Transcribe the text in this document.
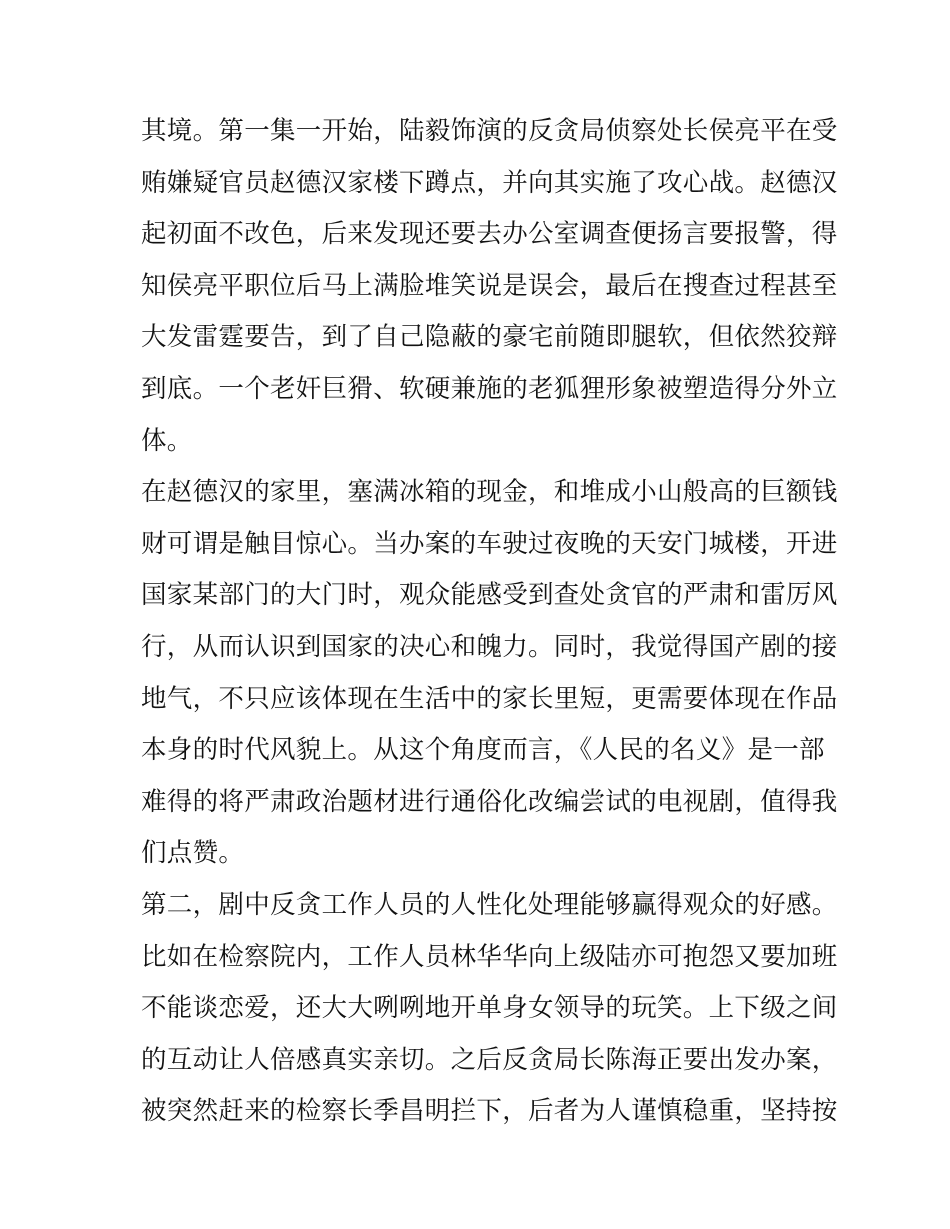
其境。第一集一开始，陆毅饰演的反贪局侦察处长侯亮平在受
贿嫌疑官员赵德汉家楼下蹲点，并向其实施了攻心战。赵德汉
起初面不改色，后来发现还要去办公室调查便扬言要报警，得
知侯亮平职位后马上满脸堆笑说是误会，最后在搜查过程甚至
大发雷霆要告，到了自己隐蔽的豪宅前随即腿软，但依然狡辩
到底。一个老奸巨猾、软硬兼施的老狐狸形象被塑造得分外立
体。
在赵德汉的家里，塞满冰箱的现金，和堆成小山般高的巨额钱
财可谓是触目惊心。当办案的车驶过夜晚的天安门城楼，开进
国家某部门的大门时，观众能感受到查处贪官的严肃和雷厉风
行，从而认识到国家的决心和魄力。同时，我觉得国产剧的接
地气，不只应该体现在生活中的家长里短，更需要体现在作品
本身的时代风貌上。从这个角度而言，《人民的名义》是一部
难得的将严肃政治题材进行通俗化改编尝试的电视剧，值得我
们点赞。
第二，剧中反贪工作人员的人性化处理能够赢得观众的好感。
比如在检察院内，工作人员林华华向上级陆亦可抱怨又要加班
不能谈恋爱，还大大咧咧地开单身女领导的玩笑。上下级之间
的互动让人倍感真实亲切。之后反贪局长陈海正要出发办案，
被突然赶来的检察长季昌明拦下，后者为人谨慎稳重，坚持按
